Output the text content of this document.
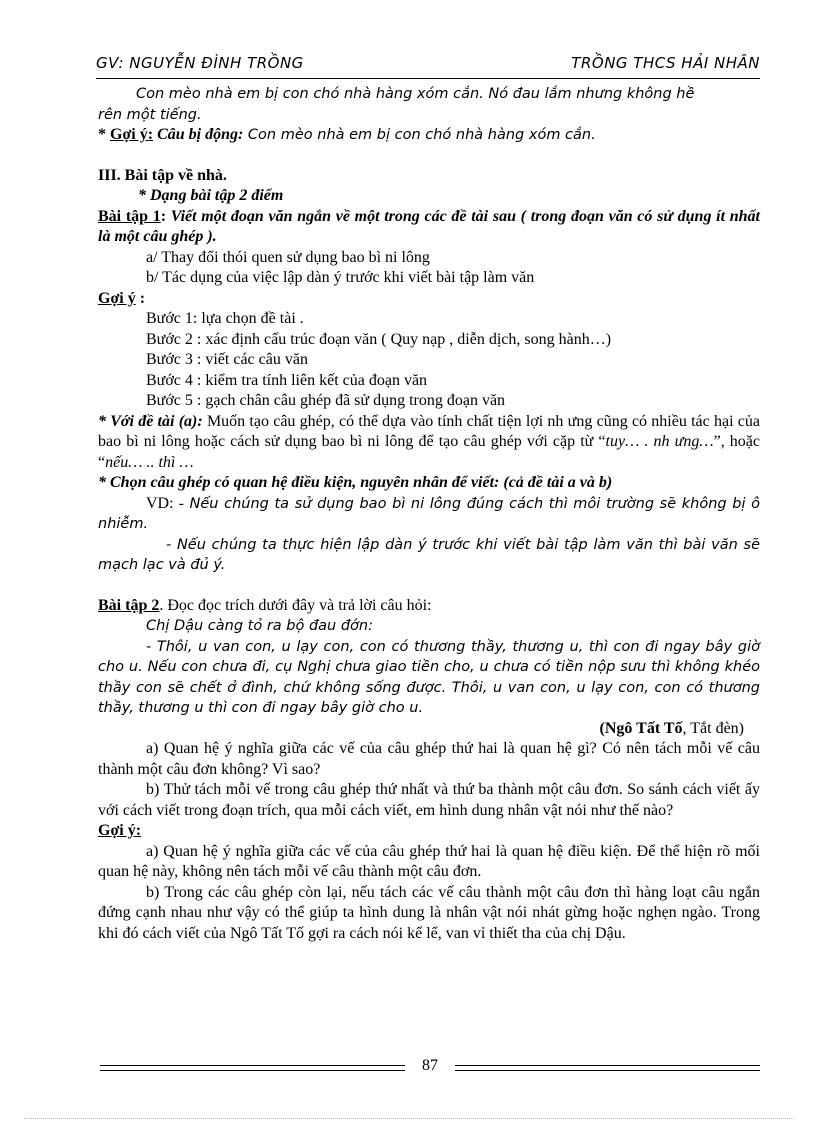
GV: NGUYỄN ĐÌNH TRỒNG	TRỒNG THCS HẢI NHÂN

Con mèo nhà em bị con chó nhà hàng xóm cắn. Nó đau lắm nhưng không hề

rên một tiếng.

* Gợi ý: Câu bị động: Con mèo nhà em bị con chó nhà hàng xóm cắn.

III. Bài tập về nhà.

* Dạng bài tập 2 điểm

Bài tập 1: Viết một đoạn văn ngắn về một trong các đề tài sau ( trong đoạn văn có sử dụng ít nhất là một câu ghép ).

a/ Thay đổi thói quen sử dụng bao bì ni lông

b/ Tác dụng của việc lập dàn ý trước khi viết bài tập làm văn

Gợi ý :

Bước 1: lựa chọn đề tài .

Bước 2 : xác định cấu trúc đoạn văn ( Quy nạp , diễn dịch, song hành…)

Bước 3 : viết các câu văn

Bước 4 : kiểm tra tính liên kết của đoạn văn

Bước 5 : gạch chân câu ghép đã sử dụng trong đoạn văn

* Với đề tài (a): Muốn tạo câu ghép, có thể dựa vào tính chất tiện lợi nh ưng cũng có nhiều tác hại của bao bì ni lông hoặc cách sử dụng bao bì ni lông để tạo câu ghép với cặp từ “tuy… . nh ưng…”, hoặc “nếu… .. thì …

* Chọn câu ghép có quan hệ điều kiện, nguyên nhân để viết: (cả đề tài a và b)

VD: - Nếu chúng ta sử dụng bao bì ni lông đúng cách thì môi trường sẽ không bị ô nhiễm.

- Nếu chúng ta thực hiện lập dàn ý trước khi viết bài tập làm văn thì bài văn sẽ mạch lạc và đủ ý.

Bài tập 2. Đọc đọc trích dưới đây và trả lời câu hỏi:

Chị Dậu càng tỏ ra bộ đau đớn:

- Thôi, u van con, u lạy con, con có thương thầy, thương u, thì con đi ngay bây giờ cho u. Nếu con chưa đi, cụ Nghị chưa giao tiền cho, u chưa có tiền nộp sưu thì không khéo thầy con sẽ chết ở đình, chứ không sống được. Thôi, u van con, u lạy con, con có thương thầy, thương u thì con đi ngay bây giờ cho u.

(Ngô Tất Tố, Tắt đèn)

a) Quan hệ ý nghĩa giữa các vế của câu ghép thứ hai là quan hệ gì? Có nên tách mỗi vế câu thành một câu đơn không? Vì sao?

b) Thử tách mỗi vế trong câu ghép thứ nhất và thứ ba thành một câu đơn. So sánh cách viết ấy với cách viết trong đoạn trích, qua mỗi cách viết, em hình dung nhân vật nói như thế nào?

Gợi ý:

a) Quan hệ ý nghĩa giữa các vế của câu ghép thứ hai là quan hệ điều kiện. Để thể hiện rõ mối quan hệ này, không nên tách mỗi vế câu thành một câu đơn.

b) Trong các câu ghép còn lại, nếu tách các vế câu thành một câu đơn thì hàng loạt câu ngắn đứng cạnh nhau như vậy có thể giúp ta hình dung là nhân vật nói nhát gừng hoặc nghẹn ngào. Trong khi đó cách viết của Ngô Tất Tố gợi ra cách nói kể lể, van vỉ thiết tha của chị Dậu.

87
